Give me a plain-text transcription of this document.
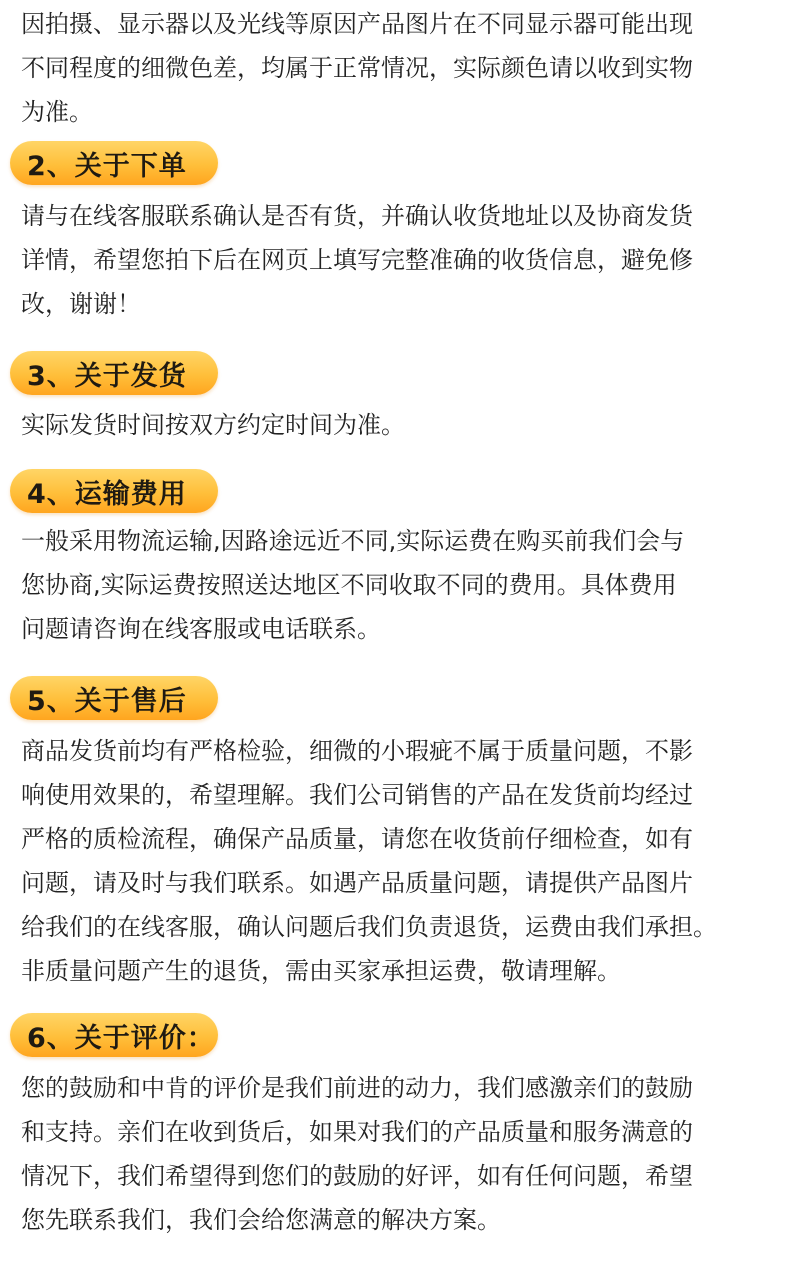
因拍摄、显示器以及光线等原因产品图片在不同显示器可能出现
不同程度的细微色差，均属于正常情况，实际颜色请以收到实物
为准。
2、关于下单
请与在线客服联系确认是否有货，并确认收货地址以及协商发货
详情，希望您拍下后在网页上填写完整准确的收货信息，避免修
改，谢谢！
3、关于发货
实际发货时间按双方约定时间为准。
4、运输费用
一般采用物流运输,因路途远近不同,实际运费在购买前我们会与
您协商,实际运费按照送达地区不同收取不同的费用。具体费用
问题请咨询在线客服或电话联系。
5、关于售后
商品发货前均有严格检验，细微的小瑕疵不属于质量问题，不影
响使用效果的，希望理解。我们公司销售的产品在发货前均经过
严格的质检流程，确保产品质量，请您在收货前仔细检查，如有
问题，请及时与我们联系。如遇产品质量问题，请提供产品图片
给我们的在线客服，确认问题后我们负责退货，运费由我们承担。
非质量问题产生的退货，需由买家承担运费，敬请理解。
6、关于评价：
您的鼓励和中肯的评价是我们前进的动力，我们感激亲们的鼓励
和支持。亲们在收到货后，如果对我们的产品质量和服务满意的
情况下，我们希望得到您们的鼓励的好评，如有任何问题，希望
您先联系我们，我们会给您满意的解决方案。
